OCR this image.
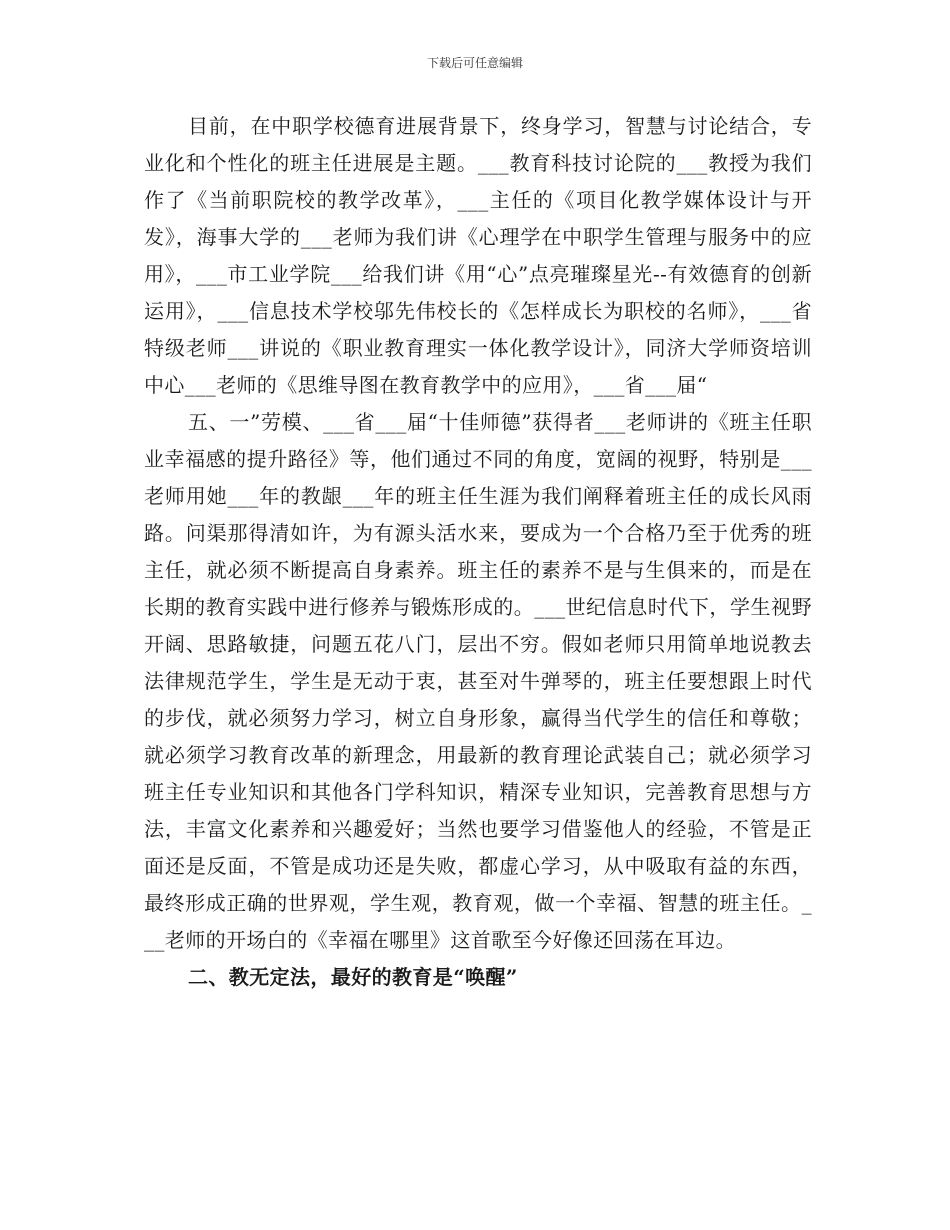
下载后可任意编辑

目前，在中职学校德育进展背景下，终身学习，智慧与讨论结合，专业化和个性化的班主任进展是主题。___教育科技讨论院的___教授为我们作了《当前职院校的教学改革》，___主任的《项目化教学媒体设计与开发》，海事大学的___老师为我们讲《心理学在中职学生管理与服务中的应用》，___市工业学院___给我们讲《用“心”点亮璀璨星光--有效德育的创新运用》，___信息技术学校邬先伟校长的《怎样成长为职校的名师》，___省特级老师___讲说的《职业教育理实一体化教学设计》，同济大学师资培训中心___老师的《思维导图在教育教学中的应用》，___省___届“

五、一”劳模、___省___届“十佳师德”获得者___老师讲的《班主任职业幸福感的提升路径》等，他们通过不同的角度，宽阔的视野，特别是___老师用她___年的教龈___年的班主任生涯为我们阐释着班主任的成长风雨路。问渠那得清如许，为有源头活水来，要成为一个合格乃至于优秀的班主任，就必须不断提高自身素养。班主任的素养不是与生俱来的，而是在长期的教育实践中进行修养与锻炼形成的。___世纪信息时代下，学生视野开阔、思路敏捷，问题五花八门，层出不穷。假如老师只用简单地说教去法律规范学生，学生是无动于衷，甚至对牛弹琴的，班主任要想跟上时代的步伐，就必须努力学习，树立自身形象，赢得当代学生的信任和尊敬；就必须学习教育改革的新理念，用最新的教育理论武装自己；就必须学习班主任专业知识和其他各门学科知识，精深专业知识，完善教育思想与方法，丰富文化素养和兴趣爱好；当然也要学习借鉴他人的经验，不管是正面还是反面，不管是成功还是失败，都虚心学习，从中吸取有益的东西，最终形成正确的世界观，学生观，教育观，做一个幸福、智慧的班主任。___老师的开场白的《幸福在哪里》这首歌至今好像还回荡在耳边。

二、教无定法，最好的教育是“唤醒”
